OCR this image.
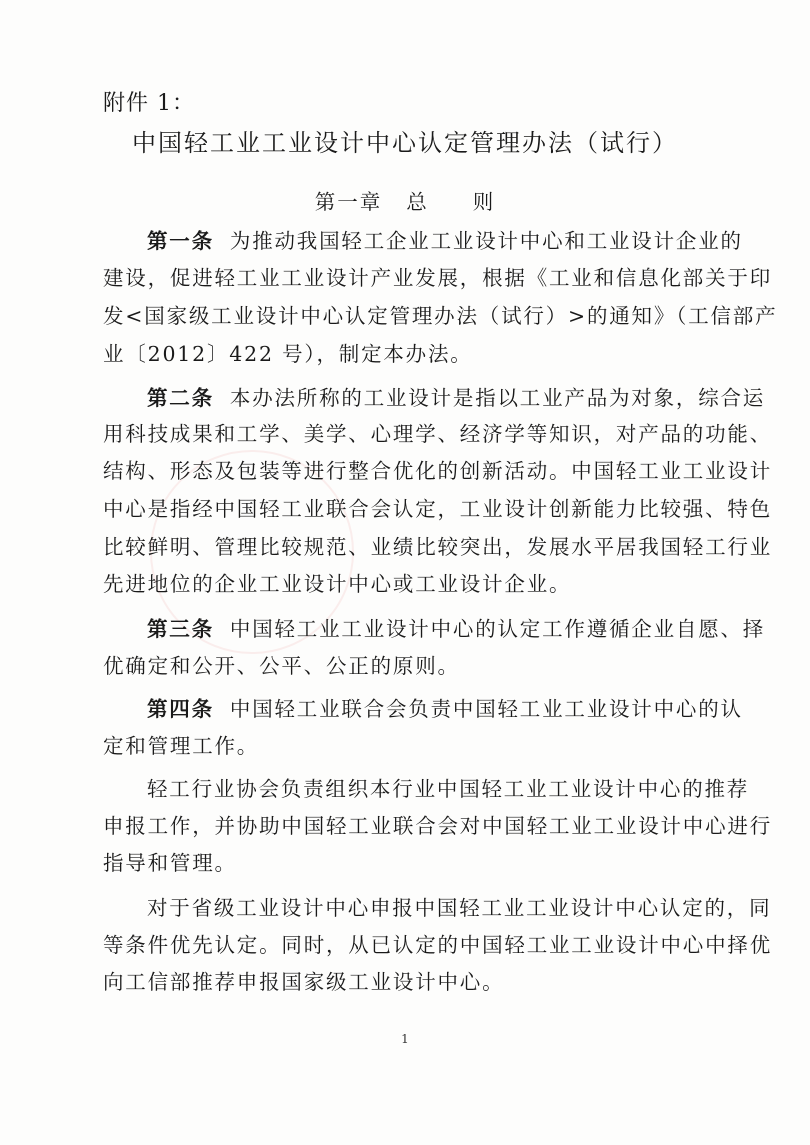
附件 1：
中国轻工业工业设计中心认定管理办法（试行）
第一章 总 则
第一条 为推动我国轻工企业工业设计中心和工业设计企业的
建设，促进轻工业工业设计产业发展，根据《工业和信息化部关于印
发<国家级工业设计中心认定管理办法（试行）>的通知》（工信部产
业〔2012〕422 号），制定本办法。
第二条 本办法所称的工业设计是指以工业产品为对象，综合运
用科技成果和工学、美学、心理学、经济学等知识，对产品的功能、
结构、形态及包装等进行整合优化的创新活动。中国轻工业工业设计
中心是指经中国轻工业联合会认定，工业设计创新能力比较强、特色
比较鲜明、管理比较规范、业绩比较突出，发展水平居我国轻工行业
先进地位的企业工业设计中心或工业设计企业。
第三条 中国轻工业工业设计中心的认定工作遵循企业自愿、择
优确定和公开、公平、公正的原则。
第四条 中国轻工业联合会负责中国轻工业工业设计中心的认
定和管理工作。
轻工行业协会负责组织本行业中国轻工业工业设计中心的推荐
申报工作，并协助中国轻工业联合会对中国轻工业工业设计中心进行
指导和管理。
对于省级工业设计中心申报中国轻工业工业设计中心认定的，同
等条件优先认定。同时，从已认定的中国轻工业工业设计中心中择优
向工信部推荐申报国家级工业设计中心。
1
